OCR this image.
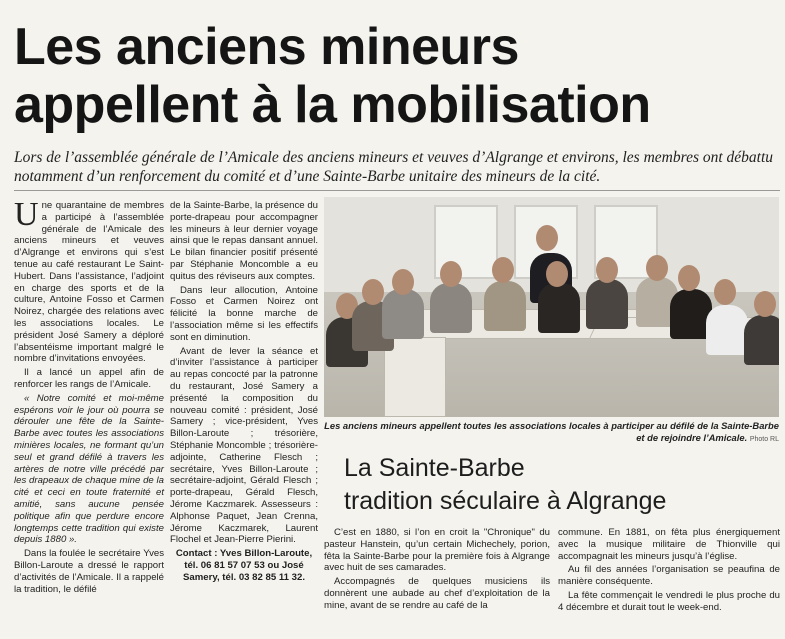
Les anciens mineurs
appellent à la mobilisation
Lors de l’assemblée générale de l’Amicale des anciens mineurs et veuves d’Algrange et environs, les membres ont débattu notamment d’un renforcement du comité et d’une Sainte-Barbe unitaire des mineurs de la cité.

Une quarantaine de membres a participé à l’assemblée générale de l’Amicale des anciens mineurs et veuves d’Algrange et environs qui s’est tenue au café restaurant Le Saint-Hubert. Dans l’assistance, l’adjoint en charge des sports et de la culture, Antoine Fosso et Carmen Noirez, chargée des relations avec les associations locales. Le président José Samery a déploré l’absentéisme important malgré le nombre d’invitations envoyées.

Il a lancé un appel afin de renforcer les rangs de l’Amicale.

« Notre comité et moi-même espérons voir le jour où pourra se dérouler une fête de la Sainte-Barbe avec toutes les associations minières locales, ne formant qu’un seul et grand défilé à travers les artères de notre ville précédé par les drapeaux de chaque mine de la cité et ceci en toute fraternité et amitié, sans aucune pensée politique afin que perdure encore longtemps cette tradition qui existe depuis 1880 ».

Dans la foulée le secrétaire Yves Billon-Laroute a dressé le rapport d’activités de l’Amicale. Il a rappelé la tradition, le défilé

de la Sainte-Barbe, la présence du porte-drapeau pour accompagner les mineurs à leur dernier voyage ainsi que le repas dansant annuel. Le bilan financier positif présenté par Stéphanie Moncomble a eu quitus des réviseurs aux comptes.

Dans leur allocution, Antoine Fosso et Carmen Noirez ont félicité la bonne marche de l’association même si les effectifs sont en diminution.

Avant de lever la séance et d’inviter l’assistance à participer au repas concocté par la patronne du restaurant, José Samery a présenté la composition du nouveau comité : président, José Samery ; vice-président, Yves Billon-Laroute ; trésorière, Stéphanie Moncomble ; trésorière-adjointe, Catherine Flesch ; secrétaire, Yves Billon-Laroute ; secrétaire-adjoint, Gérald Flesch ; porte-drapeau, Gérald Flesch, Jérome Kaczmarek. Assesseurs : Alphonse Paquet, Jean Crenna, Jérome Kaczmarek, Laurent Flochel et Jean-Pierre Pierini.

Contact : Yves Billon-Laroute, tél. 06 81 57 07 53 ou José Samery, tél. 03 82 85 11 32.

Les anciens mineurs appellent toutes les associations locales à participer au défilé de la Sainte-Barbe et de rejoindre l’Amicale. Photo RL
La Sainte-Barbe
tradition séculaire à Algrange

C’est en 1880, si l’on en croit la "Chronique" du pasteur Hanstein, qu’un certain Michechely, porion, fêta la Sainte-Barbe pour la première fois à Algrange avec huit de ses camarades.

Accompagnés de quelques musiciens ils donnèrent une aubade au chef d’exploitation de la mine, avant de se rendre au café de la

commune. En 1881, on fêta plus énergiquement avec la musique militaire de Thionville qui accompagnait les mineurs jusqu’à l’église.

Au fil des années l’organisation se peaufina de manière conséquente.

La fête commençait le vendredi le plus proche du 4 décembre et durait tout le week-end.
